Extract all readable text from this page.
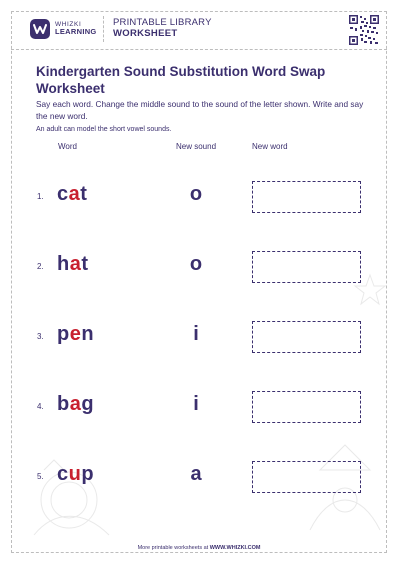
WHIZKI
LEARNING
PRINTABLE LIBRARY
WORKSHEET
Kindergarten Sound Substitution Word Swap Worksheet
Say each word. Change the middle sound to the sound of the letter shown. Write and say the new word.
An adult can model the short vowel sounds.
Word	New sound	New word
1. cat	o
2. hat	o
3. pen	i
4. bag	i
5. cup	a
More printable worksheets at WWW.WHIZKI.COM
